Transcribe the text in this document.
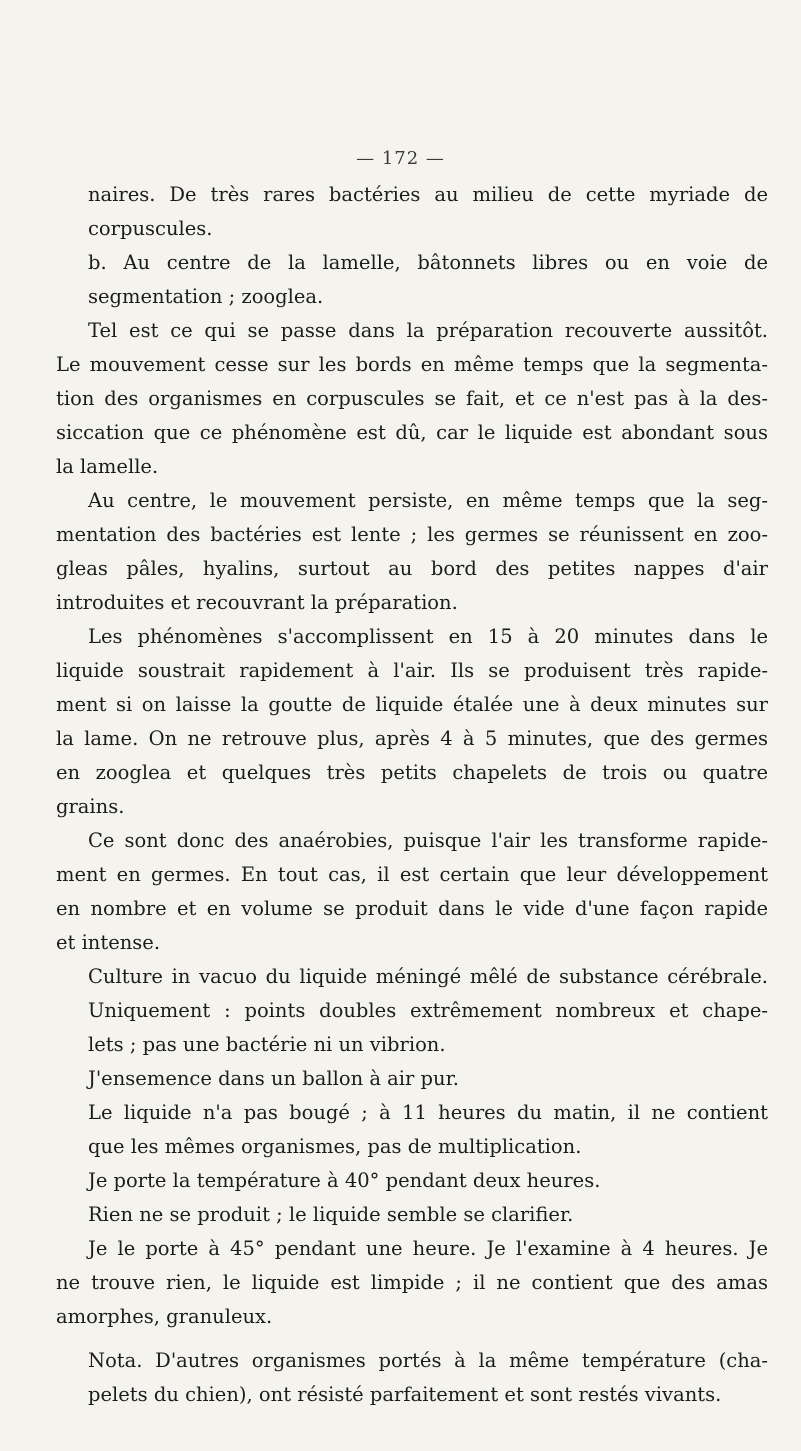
— 172 —
naires. De très rares bactéries au milieu de cette myriade de
corpuscules.
b. Au centre de la lamelle, bâtonnets libres ou en voie de
segmentation ; zooglea.
Tel est ce qui se passe dans la préparation recouverte aussitôt.
Le mouvement cesse sur les bords en même temps que la segmenta-
tion des organismes en corpuscules se fait, et ce n'est pas à la des-
siccation que ce phénomène est dû, car le liquide est abondant sous
la lamelle.
Au centre, le mouvement persiste, en même temps que la seg-
mentation des bactéries est lente ; les germes se réunissent en zoo-
gleas pâles, hyalins, surtout au bord des petites nappes d'air
introduites et recouvrant la préparation.
Les phénomènes s'accomplissent en 15 à 20 minutes dans le
liquide soustrait rapidement à l'air. Ils se produisent très rapide-
ment si on laisse la goutte de liquide étalée une à deux minutes sur
la lame. On ne retrouve plus, après 4 à 5 minutes, que des germes
en zooglea et quelques très petits chapelets de trois ou quatre
grains.
Ce sont donc des anaérobies, puisque l'air les transforme rapide-
ment en germes. En tout cas, il est certain que leur développement
en nombre et en volume se produit dans le vide d'une façon rapide
et intense.
Culture in vacuo du liquide méningé mêlé de substance cérébrale.
Uniquement : points doubles extrêmement nombreux et chape-
lets ; pas une bactérie ni un vibrion.
J'ensemence dans un ballon à air pur.
Le liquide n'a pas bougé ; à 11 heures du matin, il ne contient
que les mêmes organismes, pas de multiplication.
Je porte la température à 40° pendant deux heures.
Rien ne se produit ; le liquide semble se clarifier.
Je le porte à 45° pendant une heure. Je l'examine à 4 heures. Je
ne trouve rien, le liquide est limpide ; il ne contient que des amas
amorphes, granuleux.
Nota. D'autres organismes portés à la même température (cha-
pelets du chien), ont résisté parfaitement et sont restés vivants.
